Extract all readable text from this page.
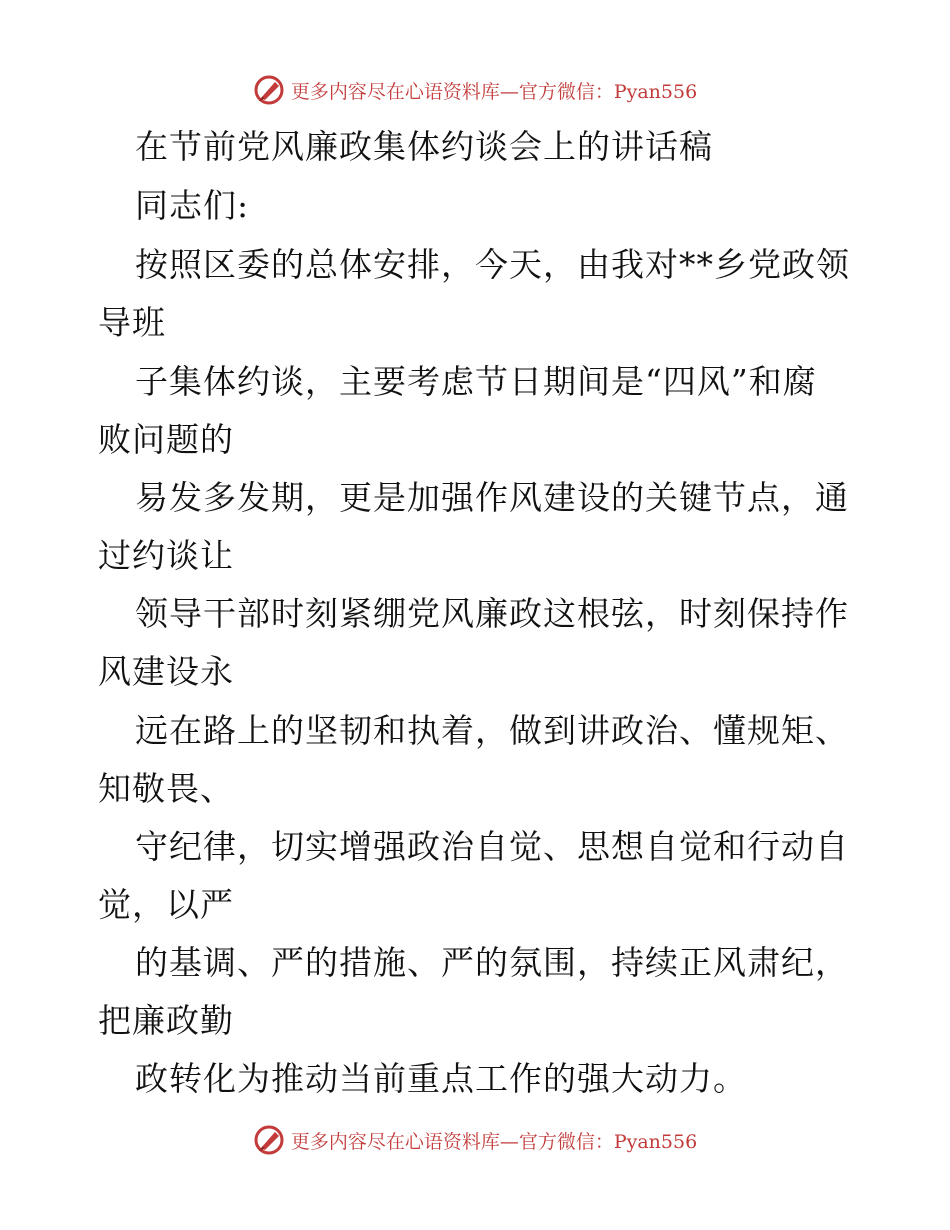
更多内容尽在心语资料库—官方微信：Pyan556
在节前党风廉政集体约谈会上的讲话稿
同志们:
按照区委的总体安排，今天，由我对**乡党政领
导班
子集体约谈，主要考虑节日期间是“四风”和腐
败问题的
易发多发期，更是加强作风建设的关键节点，通
过约谈让
领导干部时刻紧绷党风廉政这根弦，时刻保持作
风建设永
远在路上的坚韧和执着，做到讲政治、懂规矩、
知敬畏、
守纪律，切实增强政治自觉、思想自觉和行动自
觉，以严
的基调、严的措施、严的氛围，持续正风肃纪，
把廉政勤
政转化为推动当前重点工作的强大动力。
更多内容尽在心语资料库—官方微信：Pyan556
